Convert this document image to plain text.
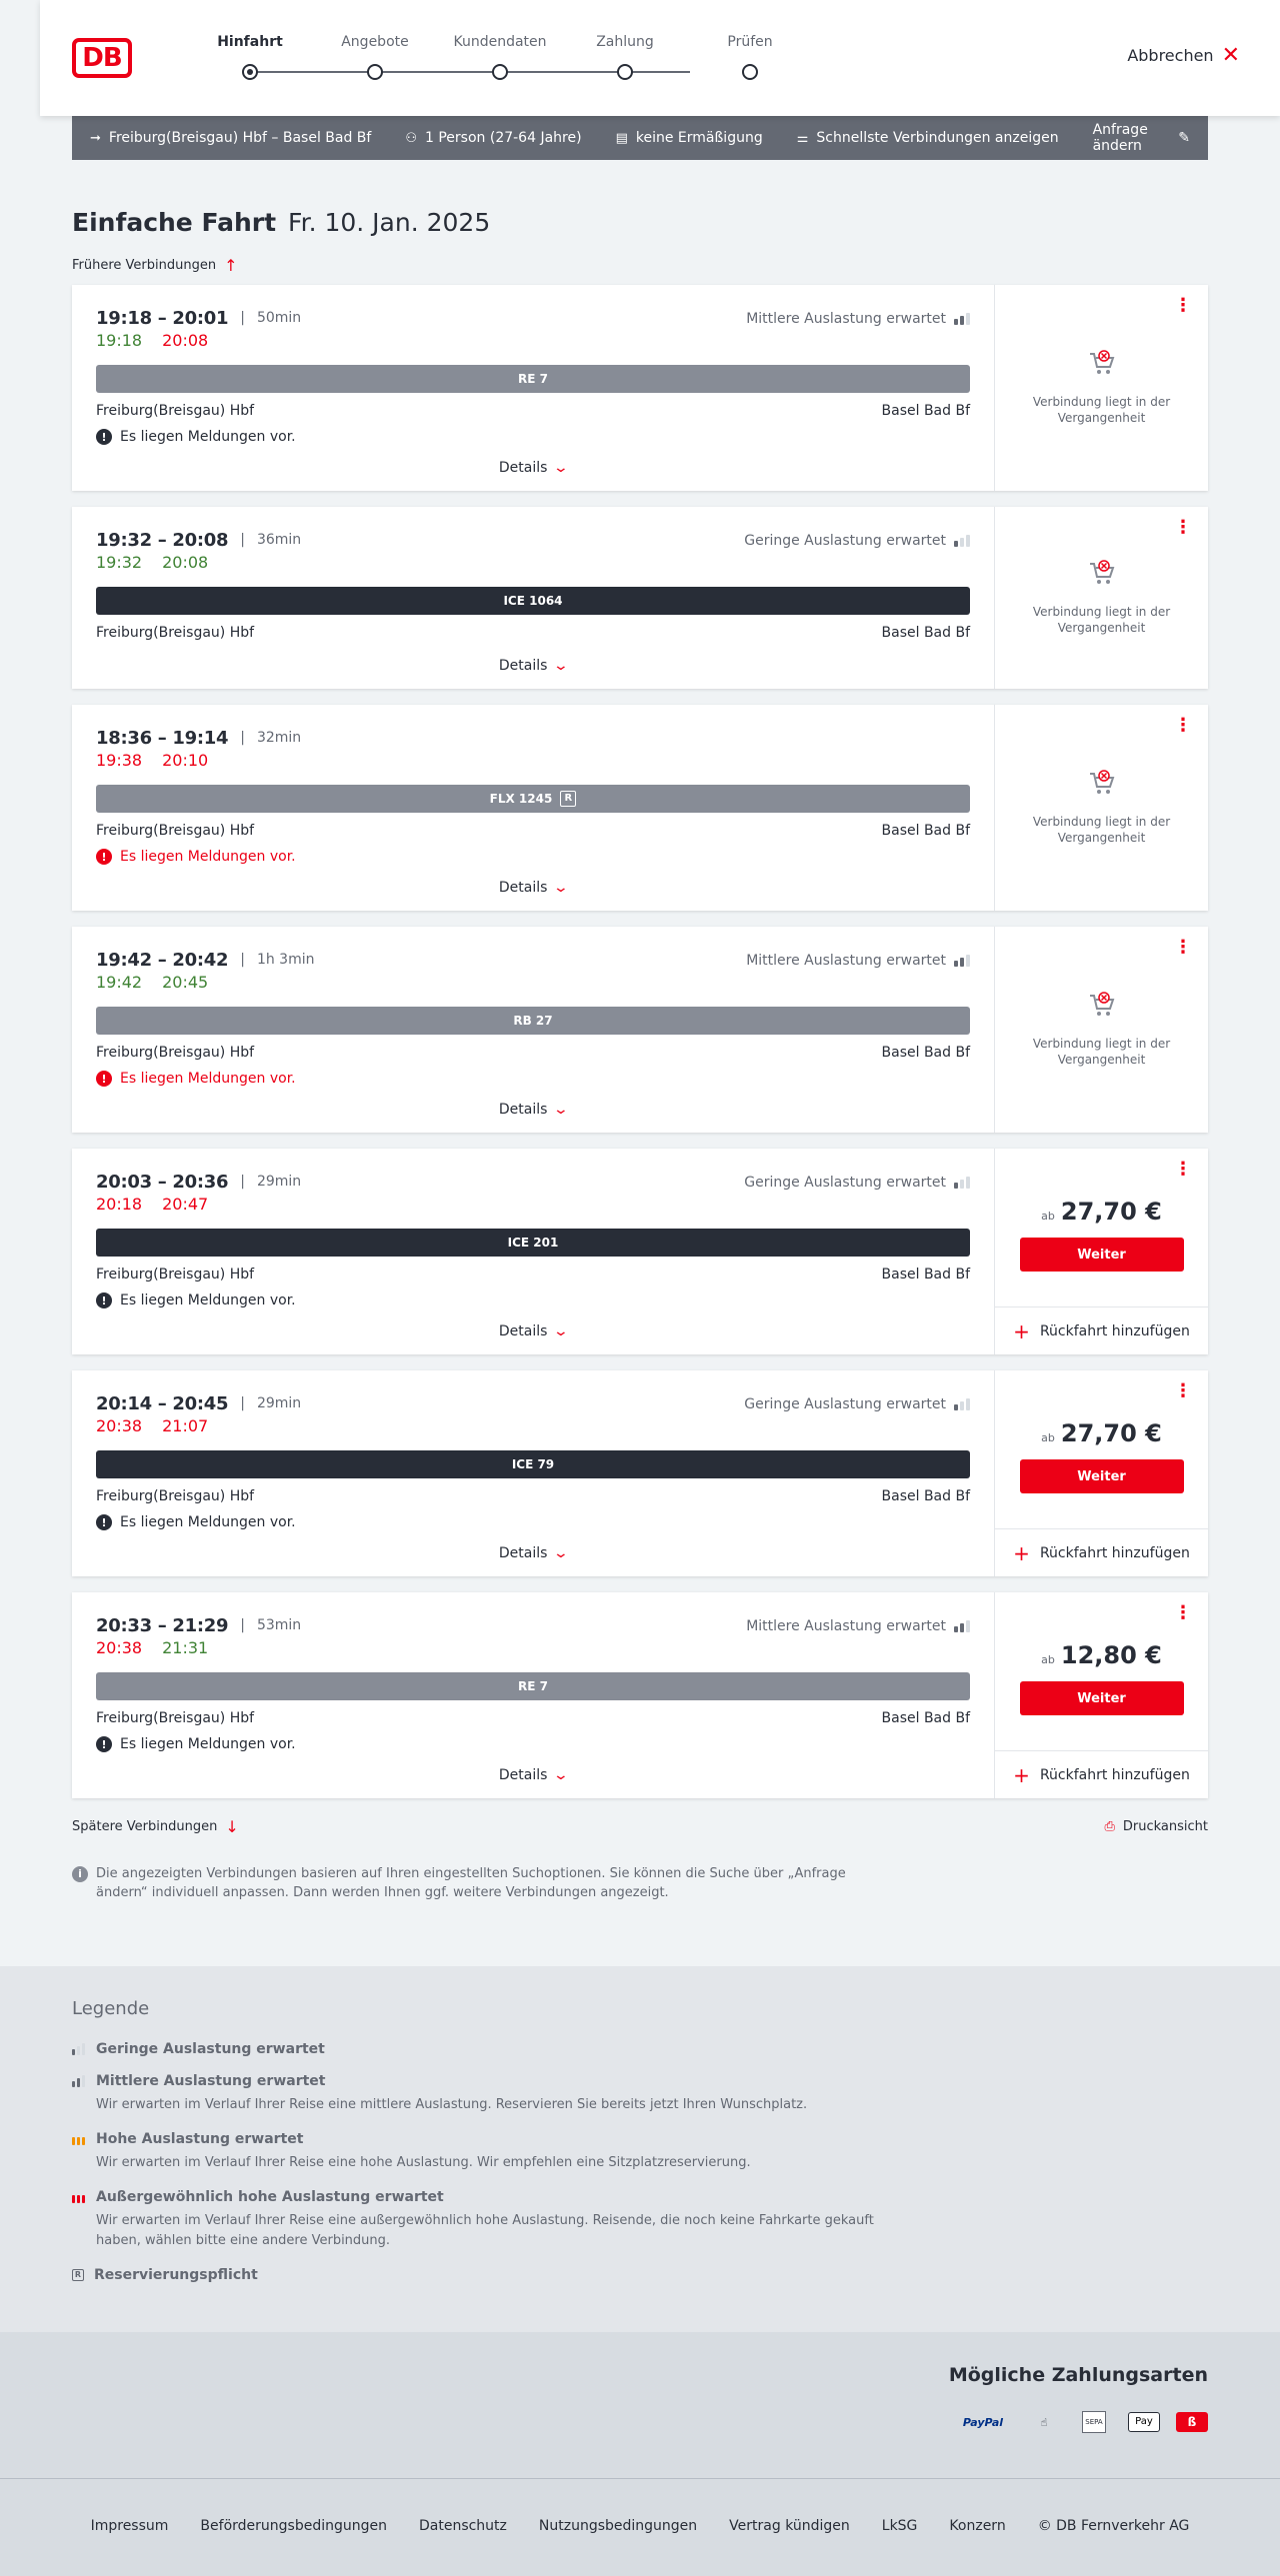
DB
Hinfahrt	Angebote	Kundendaten	Zahlung	Prüfen
Abbrechen ✕
➞ Freiburg(Breisgau) Hbf – Basel Bad Bf	⚇ 1 Person (27-64 Jahre)	▤ keine Ermäßigung	⚌ Schnellste Verbindungen anzeigen Anfrage ändern	✎
Einfache Fahrt Fr. 10. Jan. 2025
Frühere Verbindungen ↑
19:18 – 20:01 | 50min	Mittlere Auslastung erwartet
19:18 20:08
RE 7
Freiburg(Breisgau) Hbf	Basel Bad Bf
! Es liegen Meldungen vor.
Details ⌄
⋮
Verbindung liegt in der Vergangenheit
19:32 – 20:08 | 36min	Geringe Auslastung erwartet
19:32 20:08
ICE 1064
Freiburg(Breisgau) Hbf	Basel Bad Bf
Details ⌄
⋮
Verbindung liegt in der Vergangenheit
18:36 – 19:14 | 32min
19:38 20:10
FLX 1245	R
Freiburg(Breisgau) Hbf	Basel Bad Bf
! Es liegen Meldungen vor.
Details ⌄
⋮
Verbindung liegt in der Vergangenheit
19:42 – 20:42 | 1h 3min	Mittlere Auslastung erwartet
19:42 20:45
RB 27
Freiburg(Breisgau) Hbf	Basel Bad Bf
! Es liegen Meldungen vor.
Details ⌄
⋮
Verbindung liegt in der Vergangenheit
20:03 – 20:36 | 29min	Geringe Auslastung erwartet
20:18 20:47
ICE 201
Freiburg(Breisgau) Hbf	Basel Bad Bf
! Es liegen Meldungen vor.
Details ⌄
⋮
ab 27,70 €
Weiter
+ Rückfahrt hinzufügen
20:14 – 20:45 | 29min	Geringe Auslastung erwartet
20:38 21:07
ICE 79
Freiburg(Breisgau) Hbf	Basel Bad Bf
! Es liegen Meldungen vor.
Details ⌄
⋮
ab 27,70 €
Weiter
+ Rückfahrt hinzufügen
20:33 – 21:29 | 53min	Mittlere Auslastung erwartet
20:38 21:31
RE 7
Freiburg(Breisgau) Hbf	Basel Bad Bf
! Es liegen Meldungen vor.
Details ⌄
⋮
ab 12,80 €
Weiter
+ Rückfahrt hinzufügen
Spätere Verbindungen ↓	⎙ Druckansicht
i	Die angezeigten Verbindungen basieren auf Ihren eingestellten Suchoptionen. Sie können die Suche über „Anfrage ändern“ individuell anpassen. Dann werden Ihnen ggf. weitere Verbindungen angezeigt.
Legende
Geringe Auslastung erwartet
Mittlere Auslastung erwartet
Wir erwarten im Verlauf Ihrer Reise eine mittlere Auslastung. Reservieren Sie bereits jetzt Ihren Wunschplatz.
Hohe Auslastung erwartet
Wir erwarten im Verlauf Ihrer Reise eine hohe Auslastung. Wir empfehlen eine Sitzplatzreservierung.
Außergewöhnlich hohe Auslastung erwartet
Wir erwarten im Verlauf Ihrer Reise eine außergewöhnlich hohe Auslastung. Reisende, die noch keine Fahrkarte gekauft haben, wählen bitte eine andere Verbindung.
R Reservierungspflicht
Mögliche Zahlungsarten
PayPal	☝	SEPA	Pay	ß
Impressum Beförderungsbedingungen Datenschutz Nutzungsbedingungen Vertrag kündigen LkSG Konzern © DB Fernverkehr AG
